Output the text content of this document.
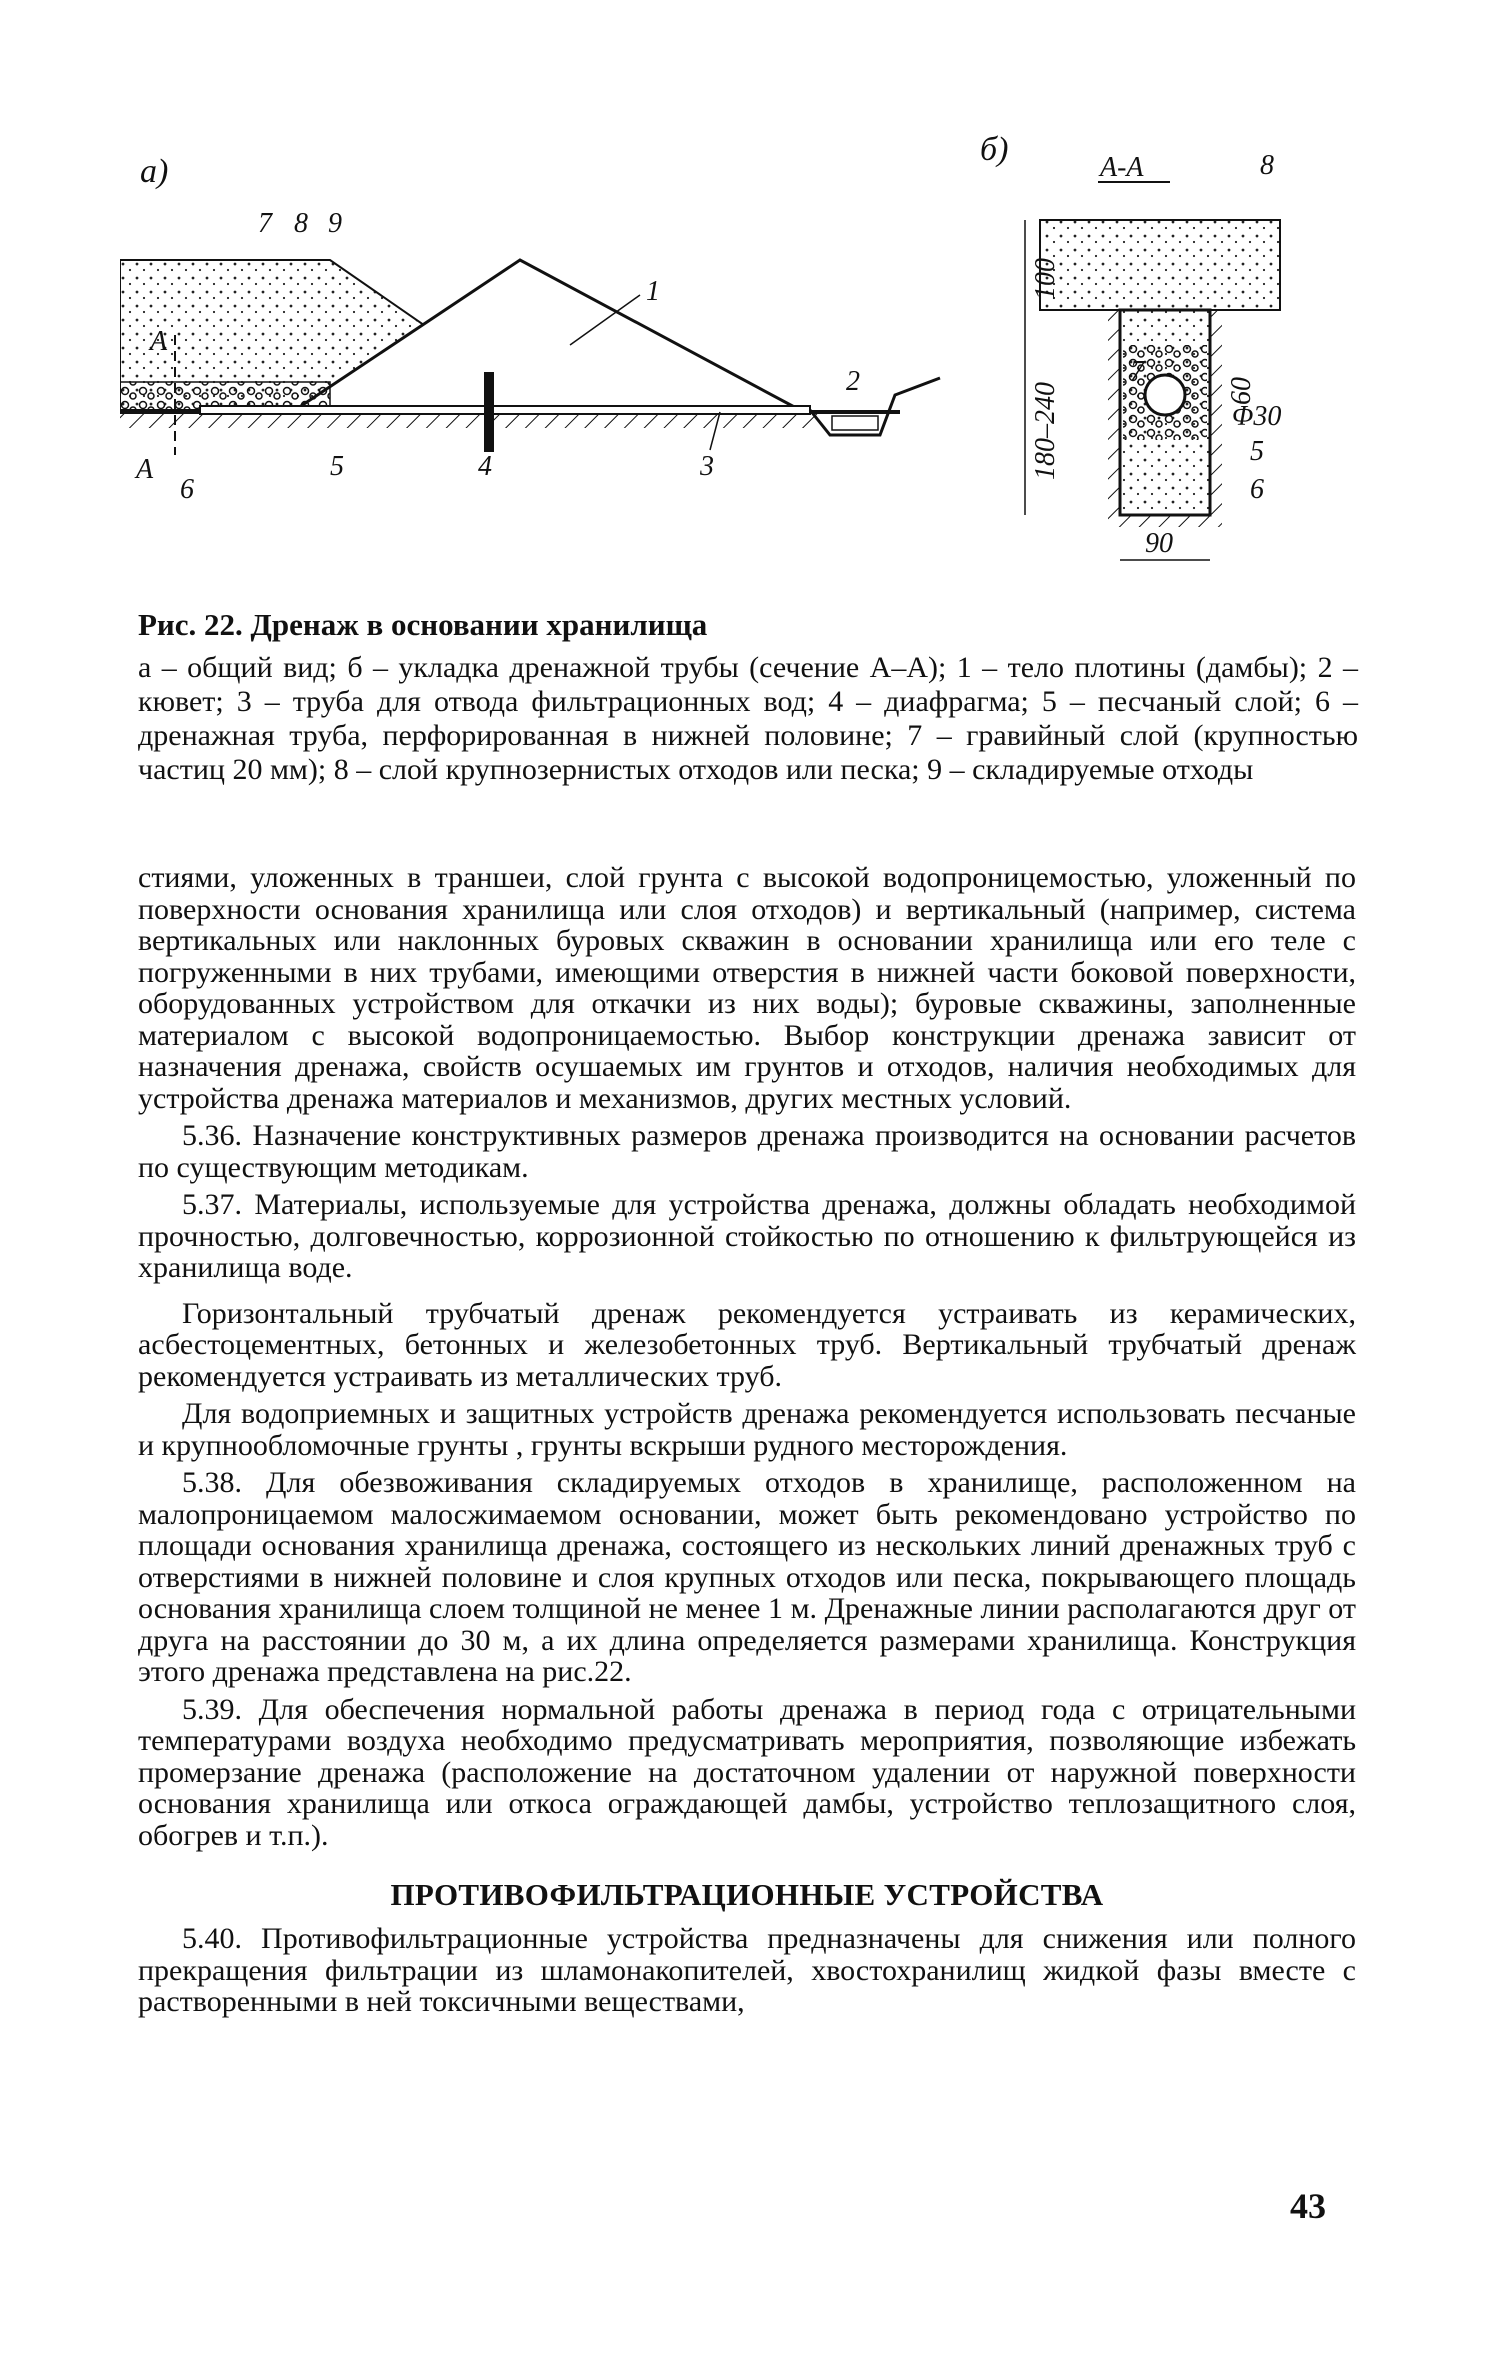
а)
7 8 9
1
2
А
А
6
5	4	3
б)	А-А	8
100
180–240
7
60
Φ30
5
6
90

Рис. 22. Дренаж в основании хранилища

а – общий вид; б – укладка дренажной трубы (сечение А–А); 1 – тело плотины (дамбы); 2 – кювет; 3 – труба для отвода фильтрационных вод; 4 – диафрагма; 5 – песчаный слой; 6 – дренажная труба, перфорированная в нижней половине; 7 – гравийный слой (крупностью частиц 20 мм); 8 – слой крупнозернистых отходов или песка; 9 – складируемые отходы

стиями, уложенных в траншеи, слой грунта с высокой водопроницемостью, уложенный по поверхности основания хранилища или слоя отходов) и вертикальный (например, система вертикальных или наклонных буровых скважин в основании хранилища или его теле с погруженными в них трубами, имеющими отверстия в нижней части боковой поверхности, оборудованных устройством для откачки из них воды); буровые скважины, заполненные материалом с высокой водопроницаемостью. Выбор конструкции дренажа зависит от назначения дренажа, свойств осушаемых им грунтов и отходов, наличия необходимых для устройства дренажа материалов и механизмов, других местных условий.

5.36. Назначение конструктивных размеров дренажа производится на основании расчетов по существующим методикам.

5.37. Материалы, используемые для устройства дренажа, должны обладать необходимой прочностью, долговечностью, коррозионной стойкостью по отношению к фильтрующейся из хранилища воде.

Горизонтальный трубчатый дренаж рекомендуется устраивать из керамических, асбестоцементных, бетонных и железобетонных труб. Вертикальный трубчатый дренаж рекомендуется устраивать из металлических труб.

Для водоприемных и защитных устройств дренажа рекомендуется использовать песчаные и крупнообломочные грунты , грунты вскрыши рудного месторождения.

5.38. Для обезвоживания складируемых отходов в хранилище, расположенном на малопроницаемом малосжимаемом основании, может быть рекомендовано устройство по площади основания хранилища дренажа, состоящего из нескольких линий дренажных труб с отверстиями в нижней половине и слоя крупных отходов или песка, покрывающего площадь основания хранилища слоем толщиной не менее 1 м. Дренажные линии располагаются друг от друга на расстоянии до 30 м, а их длина определяется размерами хранилища. Конструкция этого дренажа представлена на рис.22.

5.39. Для обеспечения нормальной работы дренажа в период года с отрицательными температурами воздуха необходимо предусматривать мероприятия, позволяющие избежать промерзание дренажа (расположение на достаточном удалении от наружной поверхности основания хранилища или откоса ограждающей дамбы, устройство теплозащитного слоя, обогрев и т.п.).

ПРОТИВОФИЛЬТРАЦИОННЫЕ УСТРОЙСТВА

5.40. Противофильтрационные устройства предназначены для снижения или полного прекращения фильтрации из шламонакопителей, хвостохранилищ жидкой фазы вместе с растворенными в ней токсичными веществами,

43
